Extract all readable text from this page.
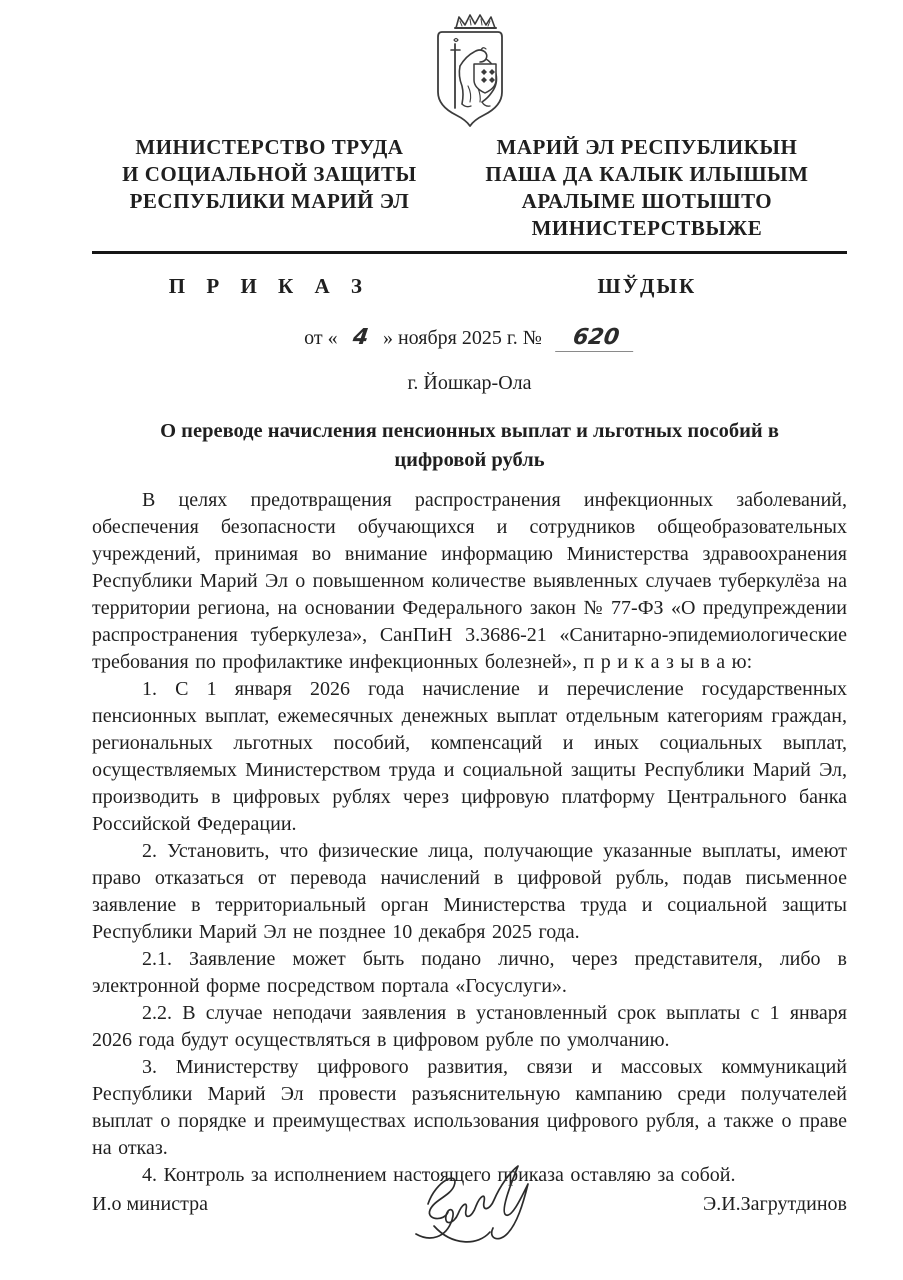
МИНИСТЕРСТВО ТРУДА
И СОЦИАЛЬНОЙ ЗАЩИТЫ
РЕСПУБЛИКИ МАРИЙ ЭЛ
МАРИЙ ЭЛ РЕСПУБЛИКЫН
ПАША ДА КАЛЫК ИЛЫШЫМ
АРАЛЫМЕ ШОТЫШТО
МИНИСТЕРСТВЫЖЕ
П Р И К А З	ШЎДЫК
от « 4 » ноября 2025 г. № 620
г. Йошкар-Ола
О переводе начисления пенсионных выплат и льготных пособий в цифровой рубль

В целях предотвращения распространения инфекционных заболеваний, обеспечения безопасности обучающихся и сотрудников общеобразовательных учреждений, принимая во внимание информацию Министерства здравоохранения Республики Марий Эл о повышенном количестве выявленных случаев туберкулёза на территории региона, на основании Федерального закон № 77-ФЗ «О предупреждении распространения туберкулеза», СанПиН 3.3686-21 «Санитарно-эпидемиологические требования по профилактике инфекционных болезней», п р и к а з ы в а ю:

1. С 1 января 2026 года начисление и перечисление государственных пенсионных выплат, ежемесячных денежных выплат отдельным категориям граждан, региональных льготных пособий, компенсаций и иных социальных выплат, осуществляемых Министерством труда и социальной защиты Республики Марий Эл, производить в цифровых рублях через цифровую платформу Центрального банка Российской Федерации.

2. Установить, что физические лица, получающие указанные выплаты, имеют право отказаться от перевода начислений в цифровой рубль, подав письменное заявление в территориальный орган Министерства труда и социальной защиты Республики Марий Эл не позднее 10 декабря 2025 года.

2.1. Заявление может быть подано лично, через представителя, либо в электронной форме посредством портала «Госуслуги».

2.2. В случае неподачи заявления в установленный срок выплаты с 1 января 2026 года будут осуществляться в цифровом рубле по умолчанию.

3. Министерству цифрового развития, связи и массовых коммуникаций Республики Марий Эл провести разъяснительную кампанию среди получателей выплат о порядке и преимуществах использования цифрового рубля, а также о праве на отказ.

4. Контроль за исполнением настоящего приказа оставляю за собой.

И.о министра	Э.И.Загрутдинов
